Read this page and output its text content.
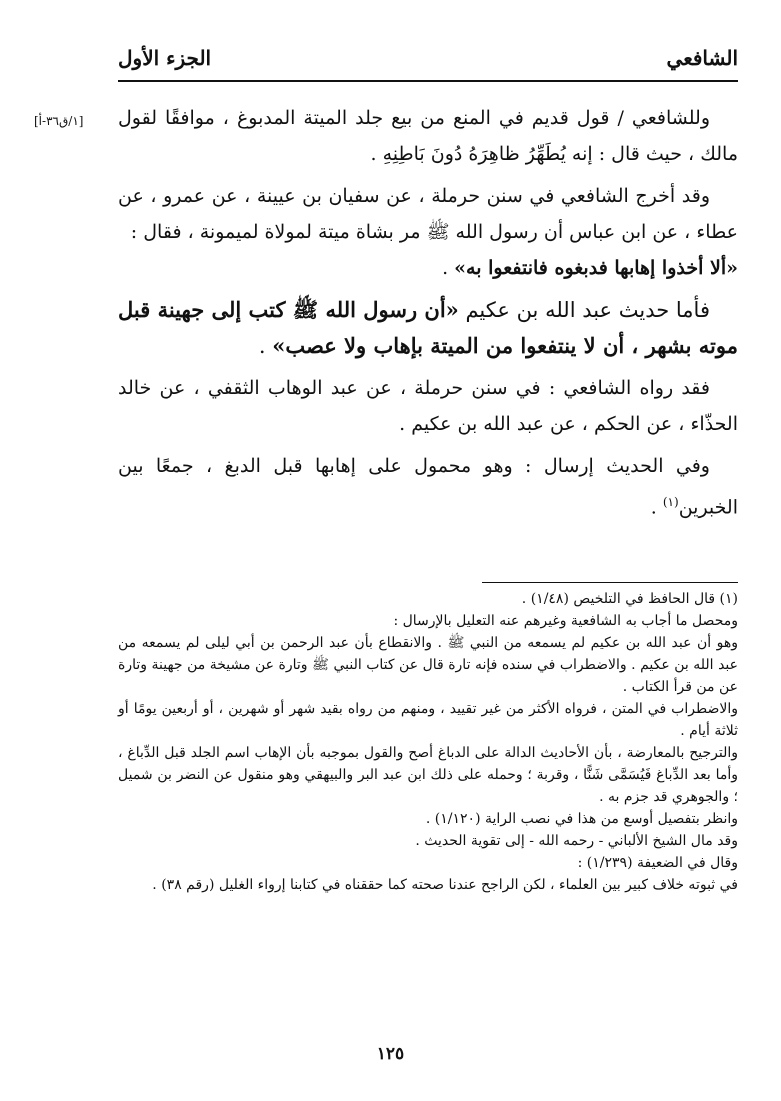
الشافعي
الجزء الأول
[١/ق٣٦-أ] وللشافعي / قول قديم في المنع من بيع جلد الميتة المدبوغ ، موافقًا لقول مالك ، حيث قال : إنه يُطَهِّرُ ظاهِرَهُ دُونَ بَاطِنِهِ .

وقد أخرج الشافعي في سنن حرملة ، عن سفيان بن عيينة ، عن عمرو ، عن عطاء ، عن ابن عباس أن رسول الله ﷺ مر بشاة ميتة لمولاة لميمونة ، فقال :
«ألا أخذوا إهابها فدبغوه فانتفعوا به» .

فأما حديث عبد الله بن عكيم «أن رسول الله ﷺ كتب إلى جهينة قبل موته بشهر ، أن لا ينتفعوا من الميتة بإهاب ولا عصب» .

فقد رواه الشافعي : في سنن حرملة ، عن عبد الوهاب الثقفي ، عن خالد الحذّاء ، عن الحكم ، عن عبد الله بن عكيم .

وفي الحديث إرسال : وهو محمول على إهابها قبل الدبغ ، جمعًا بين الخبرين$^{(١)}$ .

(١) قال الحافظ في التلخيص (١/٤٨) .

ومحصل ما أجاب به الشافعية وغيرهم عنه التعليل بالإرسال :

وهو أن عبد الله بن عكيم لم يسمعه من النبي ﷺ . والانقطاع بأن عبد الرحمن بن أبي ليلى لم يسمعه من عبد الله بن عكيم . والاضطراب في سنده فإنه تارة قال عن كتاب النبي ﷺ وتارة عن مشيخة من جهينة وتارة عن من قرأ الكتاب .

والاضطراب في المتن ، فرواه الأكثر من غير تقييد ، ومنهم من رواه بقيد شهر أو شهرين ، أو أربعين يومًا أو ثلاثة أيام .

والترجيح بالمعارضة ، بأن الأحاديث الدالة على الدباغ أصح والقول بموجبه بأن الإهاب اسم الجلد قبل الدِّباغ ، وأما بعد الدِّباغ فَيُسَمَّى شَنًّا ، وقربة ؛ وحمله على ذلك ابن عبد البر والبيهقي وهو منقول عن النضر بن شميل ؛ والجوهري قد جزم به .

وانظر بتفصيل أوسع من هذا في نصب الراية (١/١٢٠) .

وقد مال الشيخ الألباني - رحمه الله - إلى تقوية الحديث .

وقال في الضعيفة (١/٢٣٩) :

في ثبوته خلاف كبير بين العلماء ، لكن الراجح عندنا صحته كما حققناه في كتابنا إرواء الغليل (رقم ٣٨) .

١٢٥
